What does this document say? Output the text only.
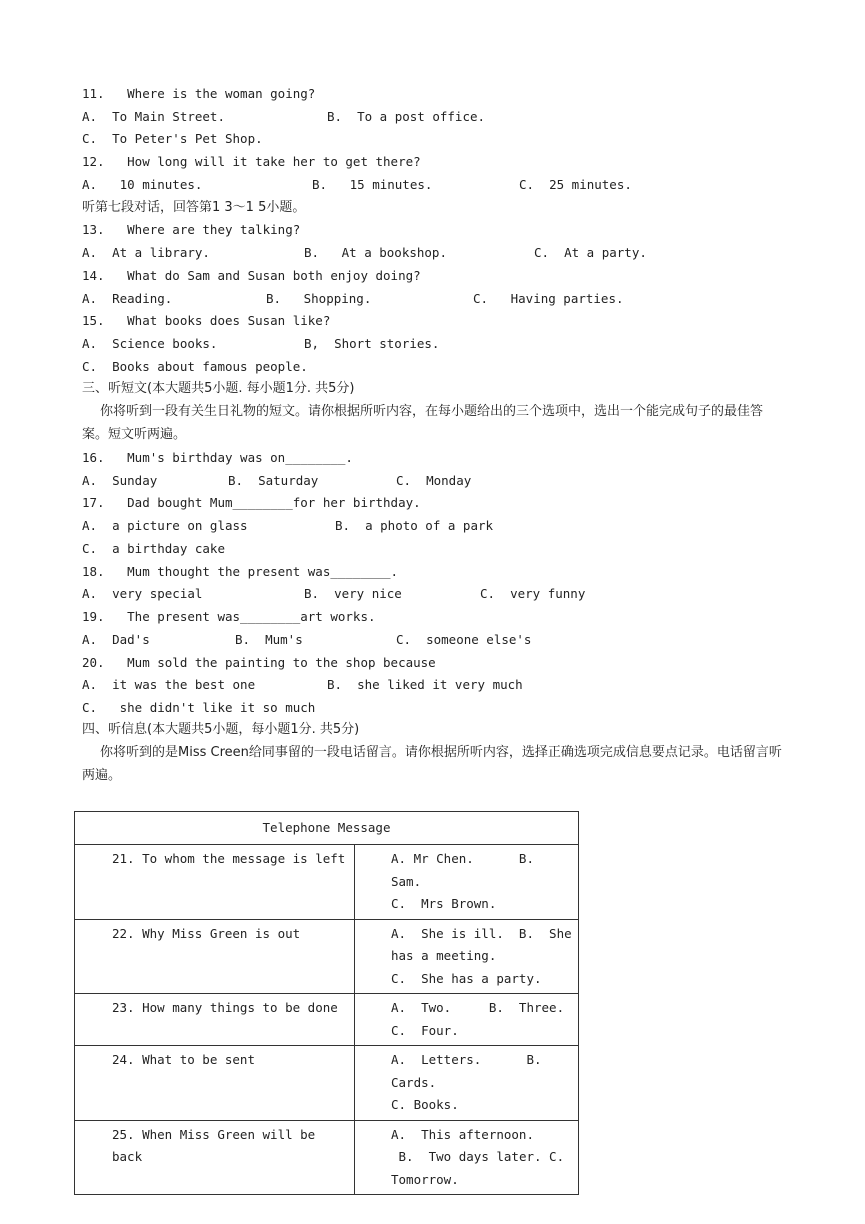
11.   Where is the woman going?
A.  To Main Street.	B.  To a post office.
C.  To Peter's Pet Shop.
12.   How long will it take her to get there?
A.   10 minutes.	B.   15 minutes.	C.  25 minutes.
听第七段对话，回答第1 3～1 5小题。
13.   Where are they talking?
A.  At a library.	B.   At a bookshop.	C.  At a party.
14.   What do Sam and Susan both enjoy doing?
A.  Reading.	B.   Shopping.	C.   Having parties.
15.   What books does Susan like?
A.  Science books.	B,  Short stories.
C.  Books about famous people.
三、听短文(本大题共5小题. 每小题1分. 共5分)
你将听到一段有关生日礼物的短文。请你根据所听内容，在每小题给出的三个选项中，选出一个能完成句子的最佳答案。短文听两遍。
16.   Mum's birthday was on________.
A.  Sunday	B.  Saturday	C.  Monday
17.   Dad bought Mum________for her birthday.
A.  a picture on glass	B.  a photo of a park
C.  a birthday cake
18.   Mum thought the present was________.
A.  very special	B.  very nice	C.  very funny
19.   The present was________art works.
A.  Dad's	B.  Mum's	C.  someone else's
20.   Mum sold the painting to the shop because
A.  it was the best one	B.  she liked it very much
C.   she didn't like it so much
四、听信息(本大题共5小题，每小题1分. 共5分)
你将听到的是Miss Creen给同事留的一段电话留言。请你根据所听内容，选择正确选项完成信息要点记录。电话留言听两遍。
Telephone Message	
21. To whom the message is left	A. Mr Chen.      B.  Sam.
C.  Mrs Brown.

22. Why Miss Green is out	A.  She is ill.  B.  She has a meeting.
C.  She has a party.

23. How many things to be done	A.  Two.     B.  Three.
C.  Four.

24. What to be sent	A.  Letters.      B.  Cards.
C. Books.

25. When Miss Green will be back	A.  This afternoon.
B.  Two days later. C. Tomorrow.
